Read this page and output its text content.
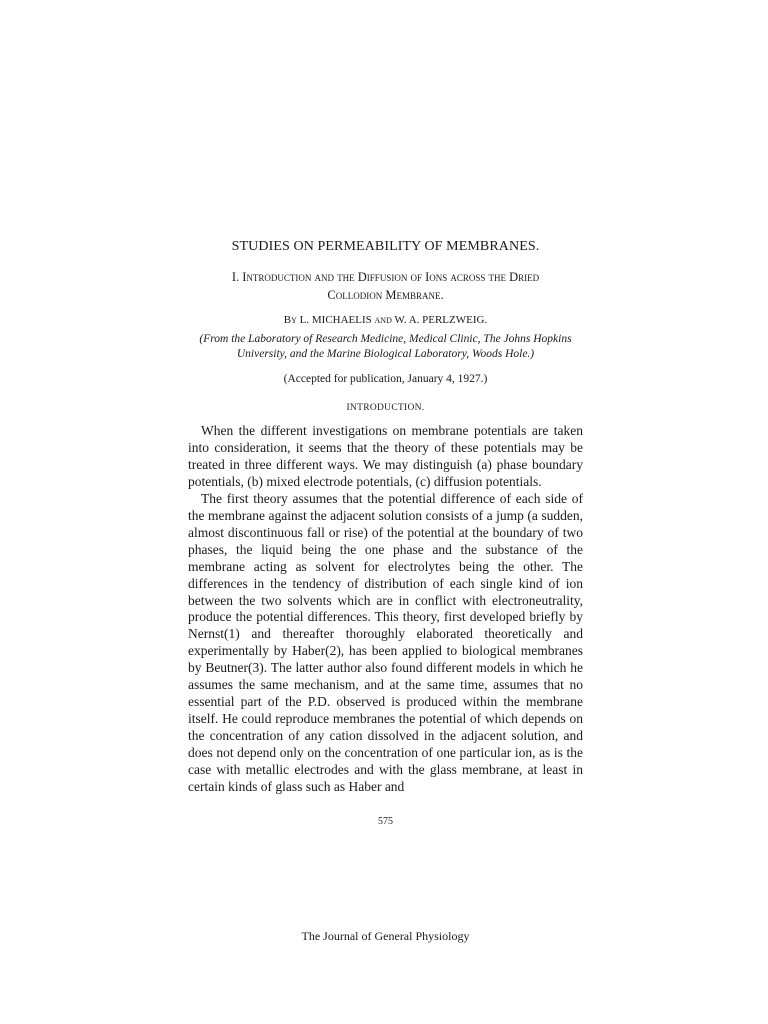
STUDIES ON PERMEABILITY OF MEMBRANES.
I. Introduction and the Diffusion of Ions across the Dried
Collodion Membrane.
By L. MICHAELIS and W. A. PERLZWEIG.
(From the Laboratory of Research Medicine, Medical Clinic, The Johns Hopkins
University, and the Marine Biological Laboratory, Woods Hole.)
(Accepted for publication, January 4, 1927.)
INTRODUCTION.

When the different investigations on membrane potentials are taken into consideration, it seems that the theory of these potentials may be treated in three different ways. We may distinguish (a) phase boundary potentials, (b) mixed electrode potentials, (c) diffusion potentials.

The first theory assumes that the potential difference of each side of the membrane against the adjacent solution consists of a jump (a sudden, almost discontinuous fall or rise) of the potential at the boundary of two phases, the liquid being the one phase and the substance of the membrane acting as solvent for electrolytes being the other. The differences in the tendency of distribution of each single kind of ion between the two solvents which are in conflict with electroneutrality, produce the potential differences. This theory, first developed briefly by Nernst(1) and thereafter thoroughly elaborated theoretically and experimentally by Haber(2), has been applied to biological membranes by Beutner(3). The latter author also found different models in which he assumes the same mechanism, and at the same time, assumes that no essential part of the P.D. observed is produced within the membrane itself. He could reproduce membranes the potential of which depends on the concentration of any cation dissolved in the adjacent solution, and does not depend only on the concentration of one particular ion, as is the case with metallic electrodes and with the glass membrane, at least in certain kinds of glass such as Haber and

575
The Journal of General Physiology
